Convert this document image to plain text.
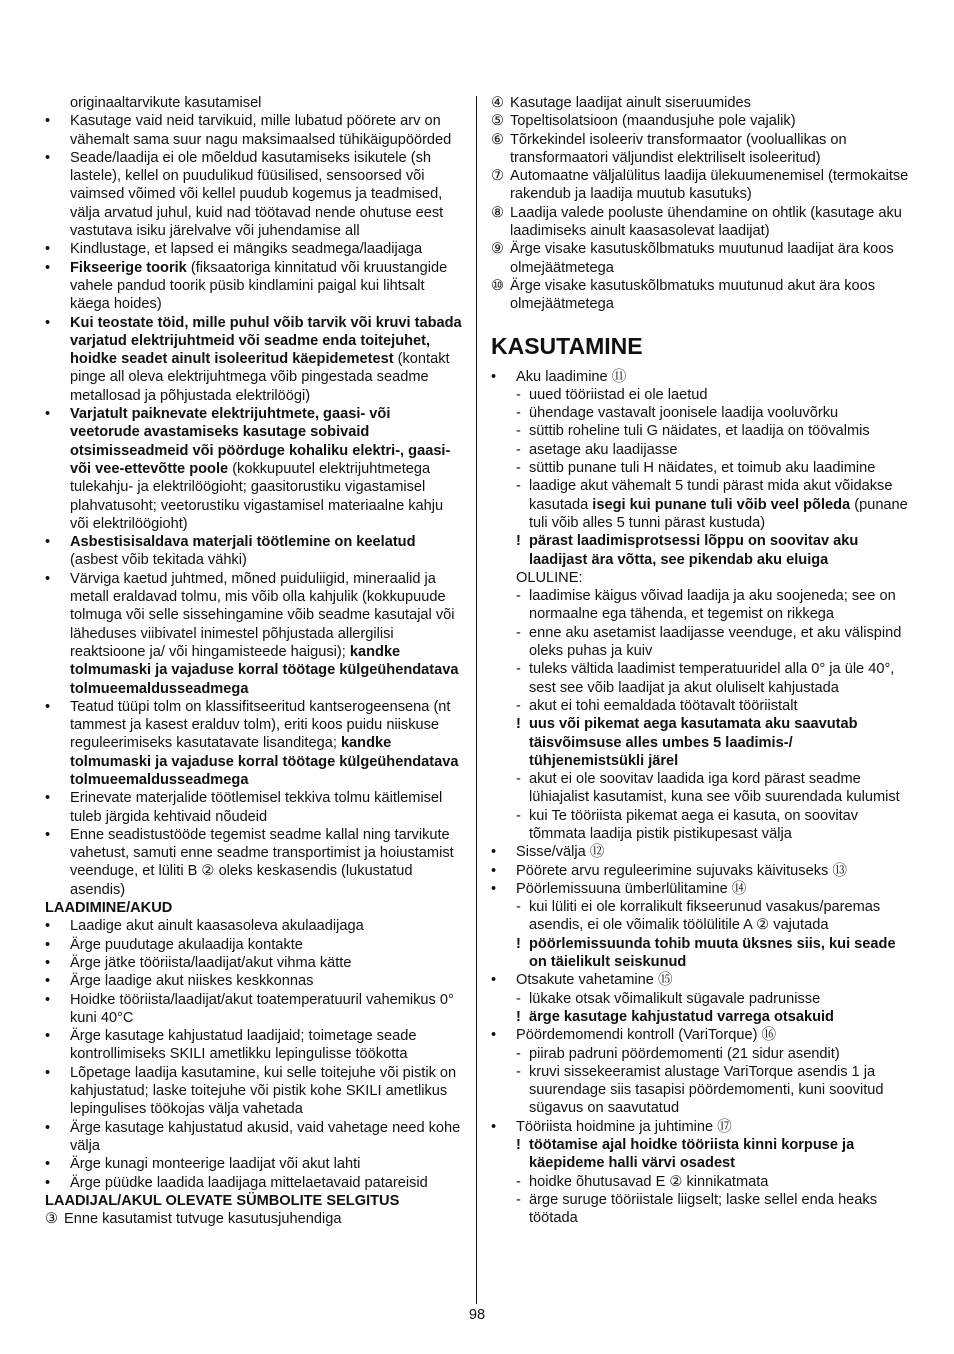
originaaltarvikute kasutamisel
• Kasutage vaid neid tarvikuid, mille lubatud pöörete arv on vähemalt sama suur nagu maksimaalsed tühikäigupöörded
• Seade/laadija ei ole mõeldud kasutamiseks isikutele (sh lastele), kellel on puudulikud füüsilised, sensoorsed või vaimsed võimed või kellel puudub kogemus ja teadmised, välja arvatud juhul, kuid nad töötavad nende ohutuse eest vastutava isiku järelvalve või juhendamise all
• Kindlustage, et lapsed ei mängiks seadmega/laadijaga
• Fikseerige toorik (fiksaatoriga kinnitatud või kruustangide vahele pandud toorik püsib kindlamini paigal kui lihtsalt käega hoides)
• Kui teostate töid, mille puhul võib tarvik või kruvi tabada varjatud elektrijuhtmeid või seadme enda toitejuhet, hoidke seadet ainult isoleeritud käepidemetest (kontakt pinge all oleva elektrijuhtmega võib pingestada seadme metallosad ja põhjustada elektrilöögi)
• Varjatult paiknevate elektrijuhtmete, gaasi- või veetorude avastamiseks kasutage sobivaid otsimisseadmeid või pöörduge kohaliku elektri-, gaasi- või vee-ettevõtte poole (kokkupuutel elektrijuhtmetega tulekahju- ja elektrilöögioht; gaasitorustiku vigastamisel plahvatusoht; veetorustiku vigastamisel materiaalne kahju või elektrilöögioht)
• Asbestisisaldava materjali töötlemine on keelatud (asbest võib tekitada vähki)
• Värviga kaetud juhtmed, mõned puiduliigid, mineraalid ja metall eraldavad tolmu, mis võib olla kahjulik (kokkupuude tolmuga või selle sissehingamine võib seadme kasutajal või läheduses viibivatel inimestel põhjustada allergilisi reaktsioone ja/ või hingamisteede haigusi); kandke tolmumaski ja vajaduse korral töötage külgeühendatava tolmueemaldusseadmega
• Teatud tüüpi tolm on klassifitseeritud kantserogeensena (nt tammest ja kasest eralduv tolm), eriti koos puidu niiskuse reguleerimiseks kasutatavate lisanditega; kandke tolmumaski ja vajaduse korral töötage külgeühendatava tolmueemaldusseadmega
• Erinevate materjalide töötlemisel tekkiva tolmu käitlemisel tuleb järgida kehtivaid nõudeid
• Enne seadistustööde tegemist seadme kallal ning tarvikute vahetust, samuti enne seadme transportimist ja hoiustamist veenduge, et lüliti B ② oleks keskasendis (lukustatud asendis)
LAADIMINE/AKUD
• Laadige akut ainult kaasasoleva akulaadijaga
• Ärge puudutage akulaadija kontakte
• Ärge jätke tööriista/laadijat/akut vihma kätte
• Ärge laadige akut niiskes keskkonnas
• Hoidke tööriista/laadijat/akut toatemperatuuril vahemikus 0° kuni 40°C
• Ärge kasutage kahjustatud laadijaid; toimetage seade kontrollimiseks SKILI ametlikku lepingulisse töökotta
• Lõpetage laadija kasutamine, kui selle toitejuhe või pistik on kahjustatud; laske toitejuhe või pistik kohe SKILI ametlikus lepingulises töökojas välja vahetada
• Ärge kasutage kahjustatud akusid, vaid vahetage need kohe välja
• Ärge kunagi monteerige laadijat või akut lahti
• Ärge püüdke laadida laadijaga mittelaetavaid patareisid
LAADIJAL/AKUL OLEVATE SÜMBOLITE SELGITUS
③ Enne kasutamist tutvuge kasutusjuhendiga
④ Kasutage laadijat ainult siseruumides
⑤ Topeltisolatsioon (maandusjuhe pole vajalik)
⑥ Tõrkekindel isoleeriv transformaator (vooluallikas on transformaatori väljundist elektriliselt isoleeritud)
⑦ Automaatne väljalülitus laadija ülekuumenemisel (termokaitse rakendub ja laadija muutub kasutuks)
⑧ Laadija valede pooluste ühendamine on ohtlik (kasutage aku laadimiseks ainult kaasasolevat laadijat)
⑨ Ärge visake kasutuskõlbmatuks muutunud laadijat ära koos olmejäätmetega
⑩ Ärge visake kasutuskõlbmatuks muutunud akut ära koos olmejäätmetega
KASUTAMINE
• Aku laadimine ⑪
- uued tööriistad ei ole laetud
- ühendage vastavalt joonisele laadija vooluvõrku
- süttib roheline tuli G näidates, et laadija on töövalmis
- asetage aku laadijasse
- süttib punane tuli H näidates, et toimub aku laadimine
- laadige akut vähemalt 5 tundi pärast mida akut võidakse kasutada isegi kui punane tuli võib veel põleda (punane tuli võib alles 5 tunni pärast kustuda)
! pärast laadimisprotsessi lõppu on soovitav aku laadijast ära võtta, see pikendab aku eluiga
OLULINE:
- laadimise käigus võivad laadija ja aku soojeneda; see on normaalne ega tähenda, et tegemist on rikkega
- enne aku asetamist laadijasse veenduge, et aku välispind oleks puhas ja kuiv
- tuleks vältida laadimist temperatuuridel alla 0° ja üle 40°, sest see võib laadijat ja akut oluliselt kahjustada
- akut ei tohi eemaldada töötavalt tööriistalt
! uus või pikemat aega kasutamata aku saavutab täisvõimsuse alles umbes 5 laadimis-/ tühjenemistsükli järel
- akut ei ole soovitav laadida iga kord pärast seadme lühiajalist kasutamist, kuna see võib suurendada kulumist
- kui Te tööriista pikemat aega ei kasuta, on soovitav tõmmata laadija pistik pistikupesast välja
• Sisse/välja ⑫
• Pöörete arvu reguleerimine sujuvaks käivituseks ⑬
• Pöörlemissuuna ümberlülitamine ⑭
- kui lüliti ei ole korralikult fikseerunud vasakus/paremas asendis, ei ole võimalik töölülitile A ② vajutada
! pöörlemissuunda tohib muuta üksnes siis, kui seade on täielikult seiskunud
• Otsakute vahetamine ⑮
- lükake otsak võimalikult sügavale padrunisse
! ärge kasutage kahjustatud varrega otsakuid
• Pöördemomendi kontroll (VariTorque) ⑯
- piirab padruni pöördemomenti (21 sidur asendit)
- kruvi sissekeeramist alustage VariTorque asendis 1 ja suurendage siis tasapisi pöördemomenti, kuni soovitud sügavus on saavutatud
• Tööriista hoidmine ja juhtimine ⑰
! töötamise ajal hoidke tööriista kinni korpuse ja käepideme halli värvi osadest
- hoidke õhutusavad E ② kinnikatmata
- ärge suruge tööriistale liigselt; laske sellel enda heaks töötada
98
